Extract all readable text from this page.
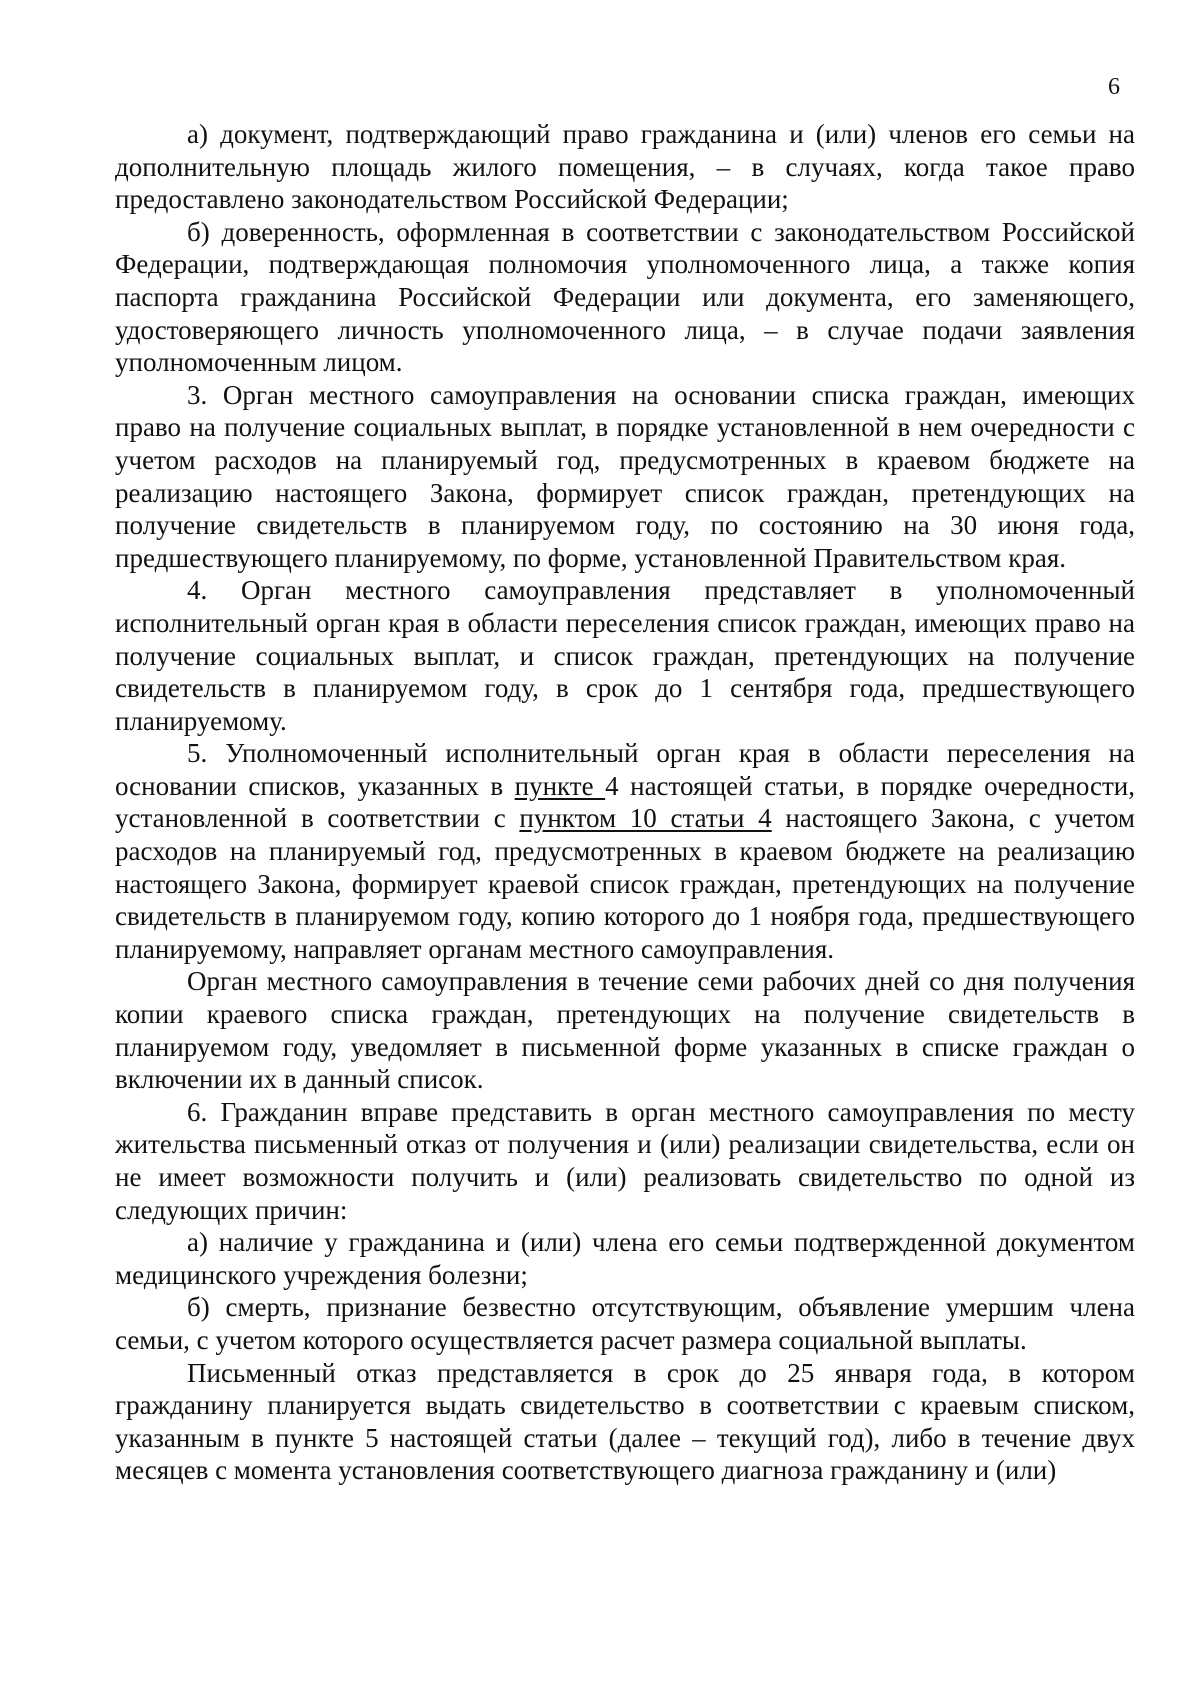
6

а) документ, подтверждающий право гражданина и (или) членов его семьи на дополнительную площадь жилого помещения, – в случаях, когда такое право предоставлено законодательством Российской Федерации;

б) доверенность, оформленная в соответствии с законодательством Российской Федерации, подтверждающая полномочия уполномоченного лица, а также копия паспорта гражданина Российской Федерации или документа, его заменяющего, удостоверяющего личность уполномоченного лица, – в случае подачи заявления уполномоченным лицом.

3. Орган местного самоуправления на основании списка граждан, имеющих право на получение социальных выплат, в порядке установленной в нем очередности с учетом расходов на планируемый год, предусмотренных в краевом бюджете на реализацию настоящего Закона, формирует список граждан, претендующих на получение свидетельств в планируемом году, по состоянию на 30 июня года, предшествующего планируемому, по форме, установленной Правительством края.

4. Орган местного самоуправления представляет в уполномоченный исполнительный орган края в области переселения список граждан, имеющих право на получение социальных выплат, и список граждан, претендующих на получение свидетельств в планируемом году, в срок до 1 сентября года, предшествующего планируемому.

5. Уполномоченный исполнительный орган края в области переселения на основании списков, указанных в пункте 4 настоящей статьи, в порядке очередности, установленной в соответствии с пунктом 10 статьи 4 настоящего Закона, с учетом расходов на планируемый год, предусмотренных в краевом бюджете на реализацию настоящего Закона, формирует краевой список граждан, претендующих на получение свидетельств в планируемом году, копию которого до 1 ноября года, предшествующего планируемому, направляет органам местного самоуправления.

Орган местного самоуправления в течение семи рабочих дней со дня получения копии краевого списка граждан, претендующих на получение свидетельств в планируемом году, уведомляет в письменной форме указанных в списке граждан о включении их в данный список.

6. Гражданин вправе представить в орган местного самоуправления по месту жительства письменный отказ от получения и (или) реализации свидетельства, если он не имеет возможности получить и (или) реализовать свидетельство по одной из следующих причин:

а) наличие у гражданина и (или) члена его семьи подтвержденной документом медицинского учреждения болезни;

б) смерть, признание безвестно отсутствующим, объявление умершим члена семьи, с учетом которого осуществляется расчет размера социальной выплаты.

Письменный отказ представляется в срок до 25 января года, в котором гражданину планируется выдать свидетельство в соответствии с краевым списком, указанным в пункте 5 настоящей статьи (далее – текущий год), либо в течение двух месяцев с момента установления соответствующего диагноза гражданину и (или)
